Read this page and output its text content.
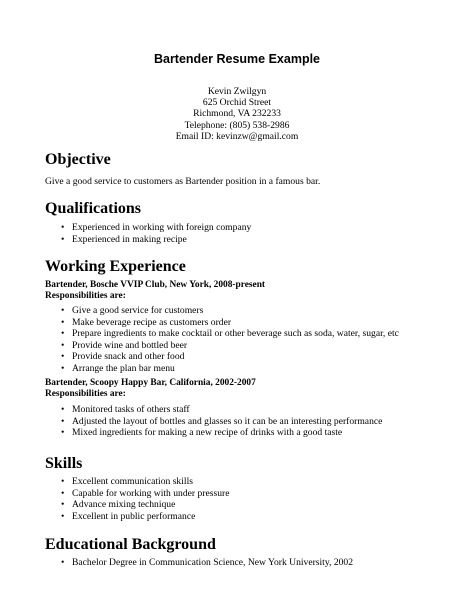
Bartender Resume Example
Kevin Zwilgyn
625 Orchid Street
Richmond, VA 232233
Telephone: (805) 538-2986
Email ID: kevinzw@gmail.com
Objective
Give a good service to customers as Bartender position in a famous bar.
Qualifications
• Experienced in working with foreign company
• Experienced in making recipe
Working Experience
Bartender, Bosche VVIP Club, New York, 2008-present
Responsibilities are:
• Give a good service for customers
• Make beverage recipe as customers order
• Prepare ingredients to make cocktail or other beverage such as soda, water, sugar, etc
• Provide wine and bottled beer
• Provide snack and other food
• Arrange the plan bar menu
Bartender, Scoopy Happy Bar, California, 2002-2007
Responsibilities are:
• Monitored tasks of others staff
• Adjusted the layout of bottles and glasses so it can be an interesting performance
• Mixed ingredients for making a new recipe of drinks with a good taste
Skills
• Excellent communication skills
• Capable for working with under pressure
• Advance mixing technique
• Excellent in public performance
Educational Background
• Bachelor Degree in Communication Science, New York University, 2002
